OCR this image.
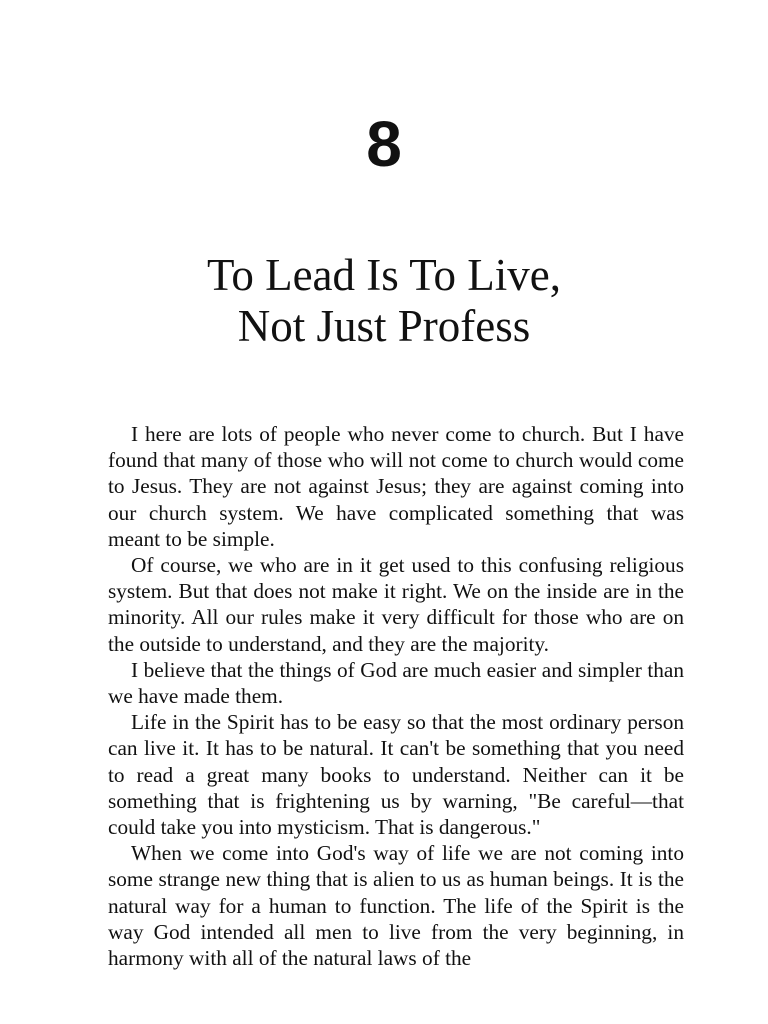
8
To Lead Is To Live,
Not Just Profess

I here are lots of people who never come to church. But I have found that many of those who will not come to church would come to Jesus. They are not against Jesus; they are against coming into our church system. We have complicated something that was meant to be simple.

Of course, we who are in it get used to this confusing religious system. But that does not make it right. We on the inside are in the minority. All our rules make it very difficult for those who are on the outside to understand, and they are the majority.

I believe that the things of God are much easier and simpler than we have made them.

Life in the Spirit has to be easy so that the most ordinary person can live it. It has to be natural. It can't be something that you need to read a great many books to understand. Neither can it be something that is frightening us by warning, "Be careful—that could take you into mysticism. That is dangerous."

When we come into God's way of life we are not coming into some strange new thing that is alien to us as human beings. It is the natural way for a human to function. The life of the Spirit is the way God intended all men to live from the very beginning, in harmony with all of the natural laws of the
